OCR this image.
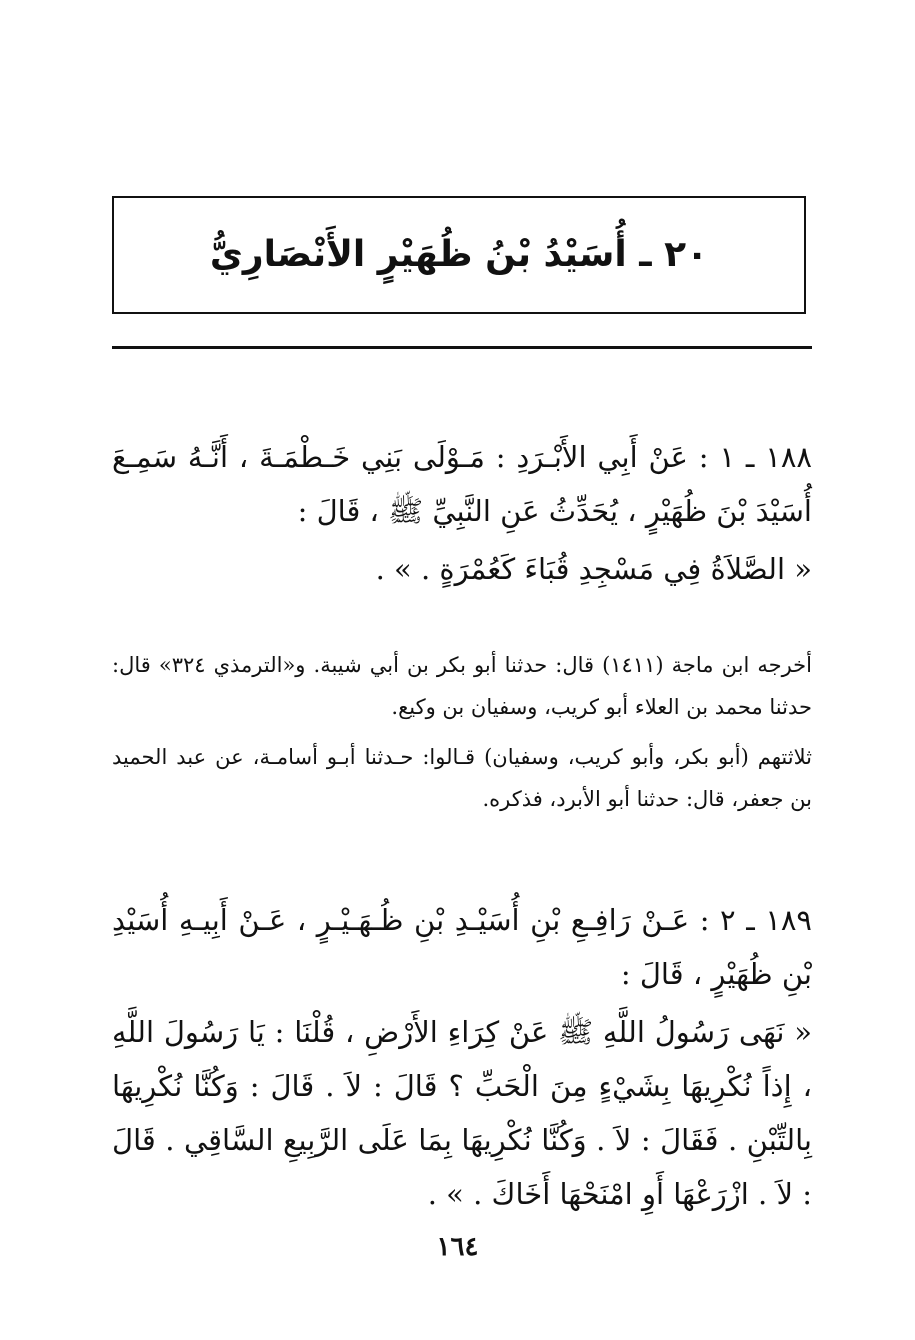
٢٠ ـ أُسَيْدُ بْنُ ظُهَيْرٍ الأَنْصَارِيُّ

١٨٨ ـ ١ : عَنْ أَبِي الأَبْـرَدِ : مَـوْلَى بَنِي خَـطْمَـةَ ، أَنَّـهُ سَمِـعَ أُسَيْدَ بْنَ ظُهَيْرٍ ، يُحَدِّثُ عَنِ النَّبِيِّ ﷺ ، قَالَ :

« الصَّلاَةُ فِي مَسْجِدِ قُبَاءَ كَعُمْرَةٍ . » .

أخرجه ابن ماجة (١٤١١) قال: حدثنا أبو بكر بن أبي شيبة. و«الترمذي ٣٢٤» قال: حدثنا محمد بن العلاء أبو كريب، وسفيان بن وكيع.

ثلاثتهم (أبو بكر، وأبو كريب، وسفيان) قـالوا: حـدثنا أبـو أسامـة، عن عبد الحميد بن جعفر، قال: حدثنا أبو الأبرد، فذكره.

١٨٩ ـ ٢ : عَـنْ رَافِـعِ بْنِ أُسَيْـدِ بْنِ ظُـهَـيْـرٍ ، عَـنْ أَبِيـهِ أُسَيْدِ بْنِ ظُهَيْرٍ ، قَالَ :

« نَهَى رَسُولُ اللَّهِ ﷺ عَنْ كِرَاءِ الأَرْضِ ، قُلْنَا : يَا رَسُولَ اللَّهِ ، إِذاً نُكْرِيهَا بِشَيْءٍ مِنَ الْحَبِّ ؟ قَالَ : لاَ . قَالَ : وَكُنَّا نُكْرِيهَا بِالتِّبْنِ . فَقَالَ : لاَ . وَكُنَّا نُكْرِيهَا بِمَا عَلَى الرَّبِيعِ السَّاقِي . قَالَ : لاَ . ازْرَعْهَا أَوِ امْنَحْهَا أَخَاكَ . » .

١٦٤
